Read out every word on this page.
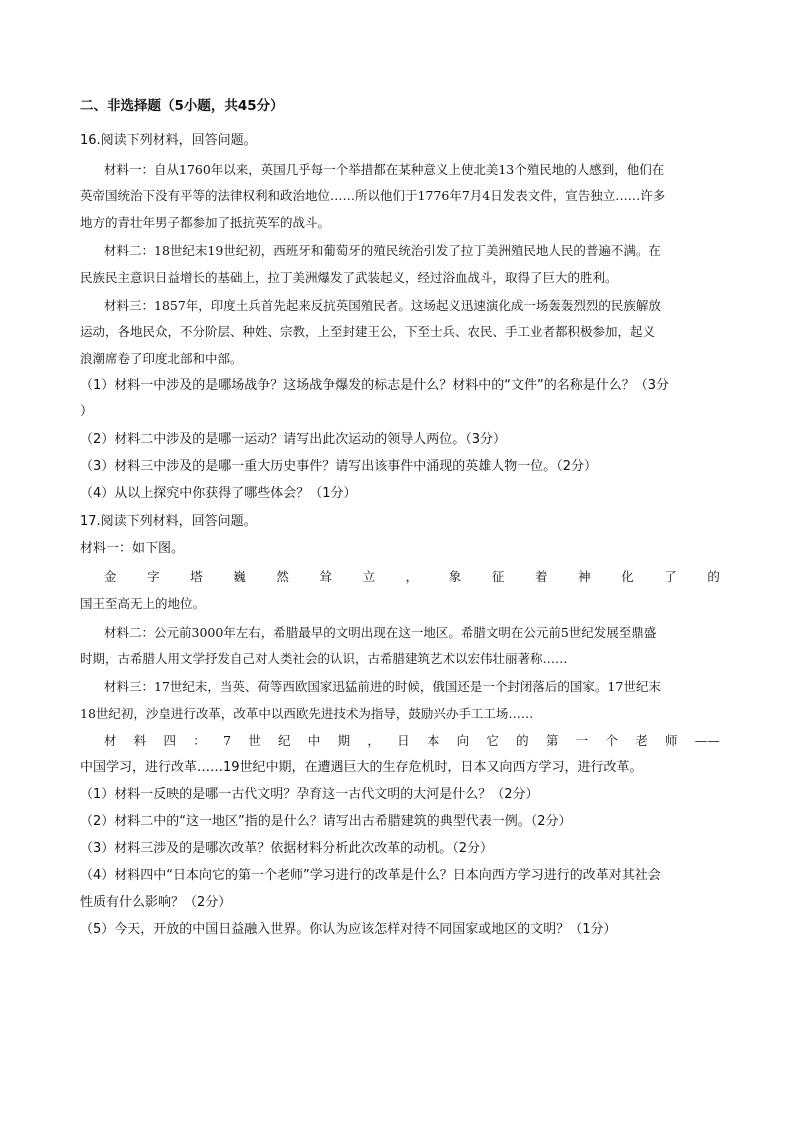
二、非选择题（5小题，共45分）
16.阅读下列材料，回答问题。
材料一：自从1760年以来，英国几乎每一个举措都在某种意义上使北美13个殖民地的人感到，他们在
英帝国统治下没有平等的法律权利和政治地位……所以他们于1776年7月4日发表文件，宣告独立……许多
地方的青壮年男子都参加了抵抗英军的战斗。
材料二：18世纪末19世纪初，西班牙和葡萄牙的殖民统治引发了拉丁美洲殖民地人民的普遍不满。在
民族民主意识日益增长的基础上，拉丁美洲爆发了武装起义，经过浴血战斗，取得了巨大的胜利。
材料三：1857年，印度土兵首先起来反抗英国殖民者。这场起义迅速演化成一场轰轰烈烈的民族解放
运动，各地民众，不分阶层、种姓、宗教，上至封建王公，下至士兵、农民、手工业者都积极参加，起义
浪潮席卷了印度北部和中部。
（1）材料一中涉及的是哪场战争？这场战争爆发的标志是什么？材料中的“文件”的名称是什么？（3分
）
（2）材料二中涉及的是哪一运动？请写出此次运动的领导人两位。（3分）
（3）材料三中涉及的是哪一重大历史事件？请写出该事件中涌现的英雄人物一位。（2分）
（4）从以上探究中你获得了哪些体会？（1分）
17.阅读下列材料，回答问题。
材料一：如下图。
金 字 塔 巍 然 耸 立 ， 象 征 着 神 化 了 的
国王至高无上的地位。
材料二：公元前3000年左右，希腊最早的文明出现在这一地区。希腊文明在公元前5世纪发展至鼎盛
时期，古希腊人用文学抒发自己对人类社会的认识，古希腊建筑艺术以宏伟壮丽著称……
材料三：17世纪末，当英、荷等西欧国家迅猛前进的时候，俄国还是一个封闭落后的国家。17世纪末
18世纪初，沙皇进行改革，改革中以西欧先进技术为指导，鼓励兴办手工工场……
材 料 四 ： 7 世 纪 中 期 ， 日 本 向 它 的 第 一 个 老 师 ——
中国学习，进行改革……19世纪中期，在遭遇巨大的生存危机时，日本又向西方学习，进行改革。
（1）材料一反映的是哪一古代文明？孕育这一古代文明的大河是什么？（2分）
（2）材料二中的“这一地区”指的是什么？请写出古希腊建筑的典型代表一例。（2分）
（3）材料三涉及的是哪次改革？依据材料分析此次改革的动机。（2分）
（4）材料四中“日本向它的第一个老师”学习进行的改革是什么？日本向西方学习进行的改革对其社会
性质有什么影响？（2分）
（5）今天，开放的中国日益融入世界。你认为应该怎样对待不同国家或地区的文明？（1分）
